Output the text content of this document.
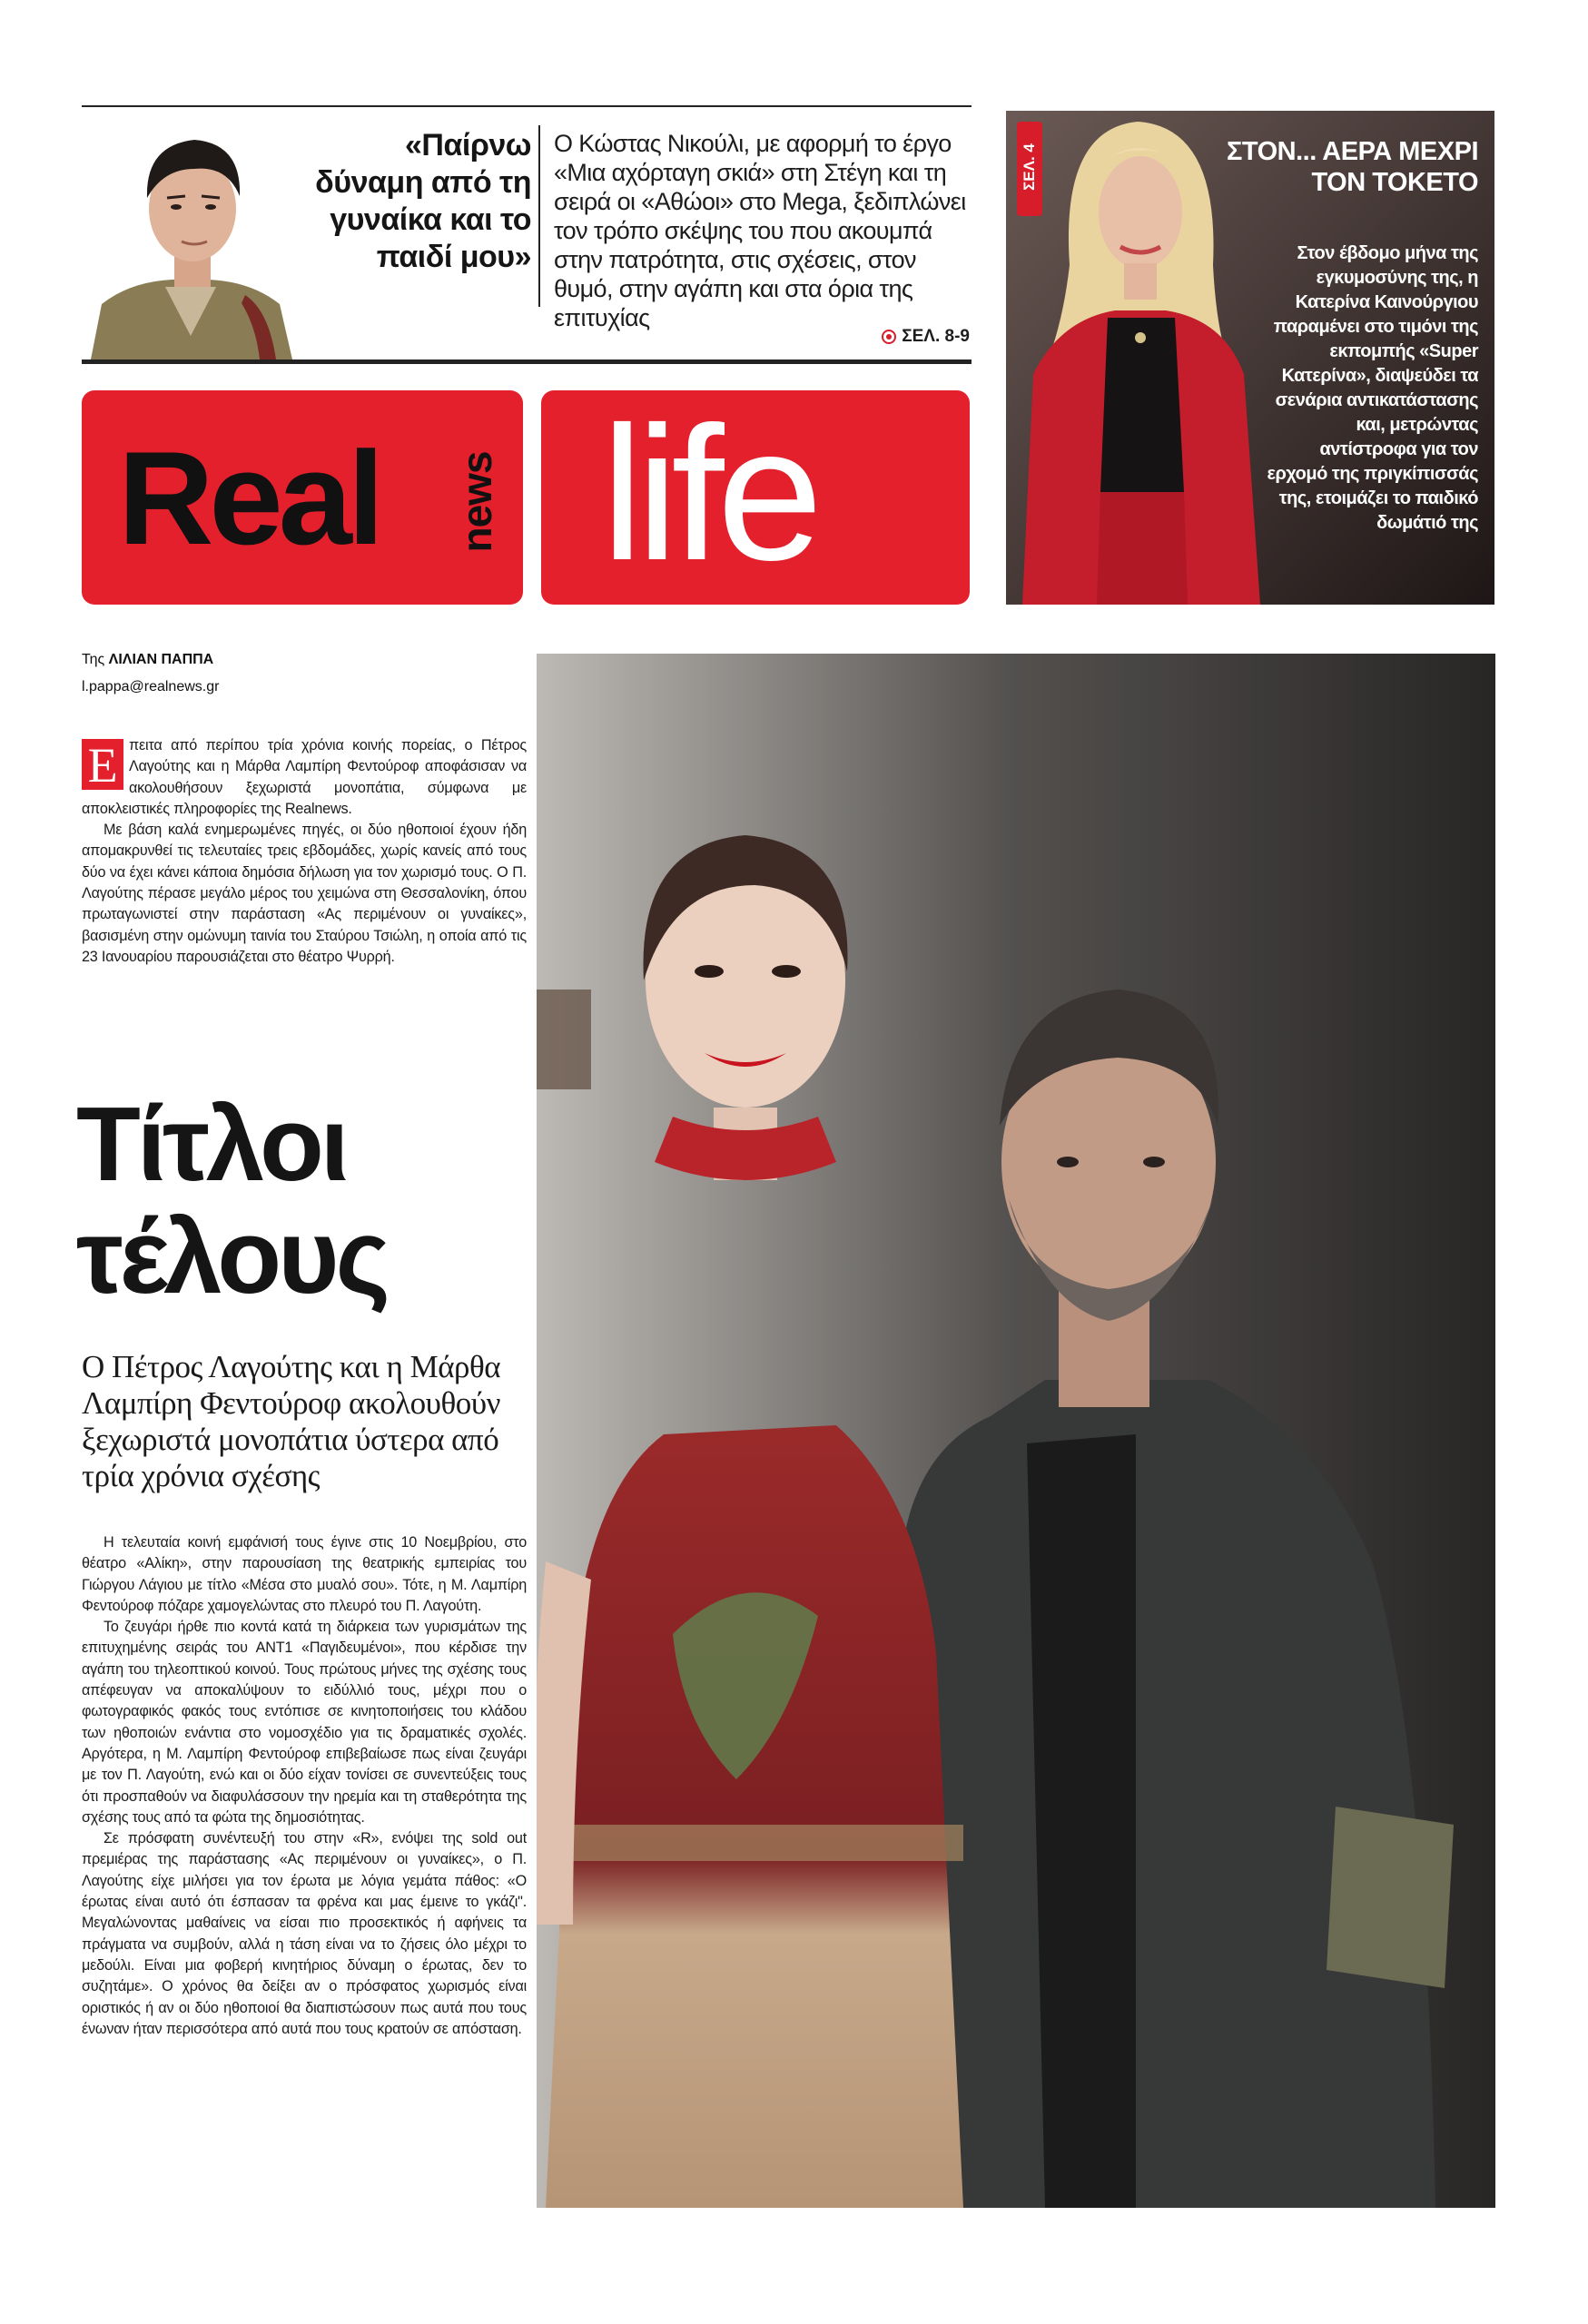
«Παίρνω δύναμη από τη γυναίκα και το παιδί μου»
Ο Κώστας Νικούλι, με αφορμή το έργο «Μια αχόρταγη σκιά» στη Στέγη και τη σειρά οι «Αθώοι» στο Mega, ξεδιπλώνει τον τρόπο σκέψης του που ακουμπά στην πατρότητα, στις σχέσεις, στον θυμό, στην αγάπη και στα όρια της επιτυχίας
ΣΕΛ. 8-9
Real news life
ΣΕΛ. 4	ΣΤΟΝ... ΑΕΡΑ ΜΕΧΡΙ ΤΟΝ ΤΟΚΕΤΟ
Στον έβδομο μήνα της εγκυμοσύνης της, η Κατερίνα Καινούργιου παραμένει στο τιμόνι της εκπομπής «Super Κατερίνα», διαψεύδει τα σενάρια αντικατάστασης και, μετρώντας αντίστροφα για τον ερχομό της πριγκίπισσάς της, ετοιμάζει το παιδικό δωμάτιό της
Της ΛΙΛΙΑΝ ΠΑΠΠΑ
l.pappa@realnews.gr

Ε πειτα από περίπου τρία χρόνια κοινής πορείας, ο Πέτρος Λαγούτης και η Μάρθα Λαμπίρη Φεντούροφ αποφάσισαν να ακολουθήσουν ξεχωριστά μονοπάτια, σύμφωνα με αποκλειστικές πληροφορίες της Realnews.

Με βάση καλά ενημερωμένες πηγές, οι δύο ηθοποιοί έχουν ήδη απομακρυνθεί τις τελευταίες τρεις εβδομάδες, χωρίς κανείς από τους δύο να έχει κάνει κάποια δημόσια δήλωση για τον χωρισμό τους. Ο Π. Λαγούτης πέρασε μεγάλο μέρος του χειμώνα στη Θεσσαλονίκη, όπου πρωταγωνιστεί στην παράσταση «Ας περιμένουν οι γυναίκες», βασισμένη στην ομώνυμη ταινία του Σταύρου Τσιώλη, η οποία από τις 23 Ιανουαρίου παρουσιάζεται στο θέατρο Ψυρρή.

Τίτλοι
τέλους
Ο Πέτρος Λαγούτης και η Μάρθα Λαμπίρη Φεντούροφ ακολουθούν ξεχωριστά μονοπάτια ύστερα από τρία χρόνια σχέσης

Η τελευταία κοινή εμφάνισή τους έγινε στις 10 Νοεμβρίου, στο θέατρο «Αλίκη», στην παρουσίαση της θεατρικής εμπειρίας του Γιώργου Λάγιου με τίτλο «Μέσα στο μυαλό σου». Τότε, η Μ. Λαμπίρη Φεντούροφ πόζαρε χαμογελώντας στο πλευρό του Π. Λαγούτη.

Το ζευγάρι ήρθε πιο κοντά κατά τη διάρκεια των γυρισμάτων της επιτυχημένης σειράς του ΑΝΤ1 «Παγιδευμένοι», που κέρδισε την αγάπη του τηλεοπτικού κοινού. Τους πρώτους μήνες της σχέσης τους απέφευγαν να αποκαλύψουν το ειδύλλιό τους, μέχρι που ο φωτογραφικός φακός τους εντόπισε σε κινητοποιήσεις του κλάδου των ηθοποιών ενάντια στο νομοσχέδιο για τις δραματικές σχολές. Αργότερα, η Μ. Λαμπίρη Φεντούροφ επιβεβαίωσε πως είναι ζευγάρι με τον Π. Λαγούτη, ενώ και οι δύο είχαν τονίσει σε συνεντεύξεις τους ότι προσπαθούν να διαφυλάσσουν την ηρεμία και τη σταθερότητα της σχέσης τους από τα φώτα της δημοσιότητας.

Σε πρόσφατη συνέντευξή του στην «R», ενόψει της sold out πρεμιέρας της παράστασης «Ας περιμένουν οι γυναίκες», ο Π. Λαγούτης είχε μιλήσει για τον έρωτα με λόγια γεμάτα πάθος: «Ο έρωτας είναι αυτό ότι έσπασαν τα φρένα και μας έμεινε το γκάζι". Μεγαλώνοντας μαθαίνεις να είσαι πιο προσεκτικός ή αφήνεις τα πράγματα να συμβούν, αλλά η τάση είναι να το ζήσεις όλο μέχρι το μεδούλι. Είναι μια φοβερή κινητήριος δύναμη ο έρωτας, δεν το συζητάμε». Ο χρόνος θα δείξει αν ο πρόσφατος χωρισμός είναι οριστικός ή αν οι δύο ηθοποιοί θα διαπιστώσουν πως αυτά που τους ένωναν ήταν περισσότερα από αυτά που τους κρατούν σε απόσταση.
